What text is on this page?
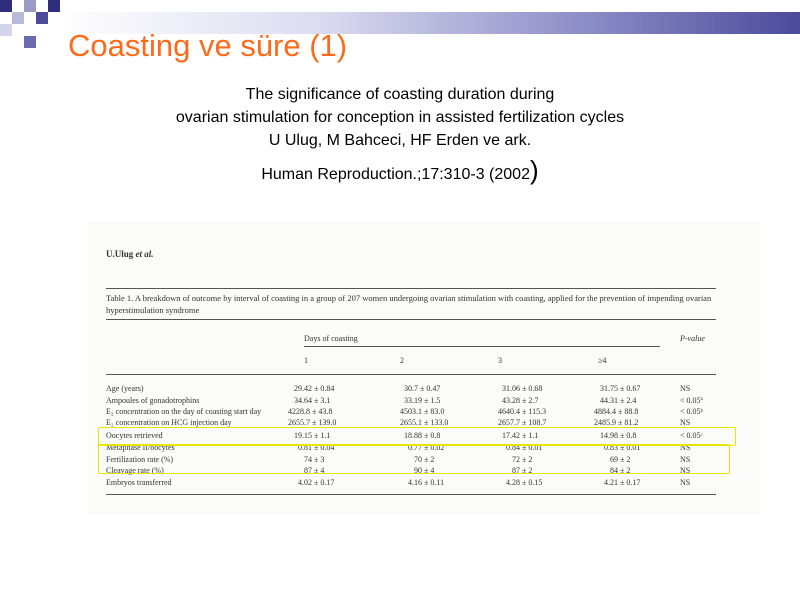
Coasting ve süre (1)
The significance of coasting duration during
ovarian stimulation for conception in assisted fertilization cycles
U Ulug, M Bahceci, HF Erden ve ark.
Human Reproduction.;17:310-3 (2002)
U.Ulug et al.
Table 1. A breakdown of outcome by interval of coasting in a group of 207 women undergoing ovarian stimulation with coasting, applied for the prevention of impending ovarian hyperstimulation syndrome
Days of coasting	P-value
1	2	3	≥4
Age (years)	29.42 ± 0.84	30.7 ± 0.47	31.06 ± 0.68	31.75 ± 0.67	NS
Ampoules of gonadotrophins	34.64 ± 3.1	33.19 ± 1.5	43.28 ± 2.7	44.31 ± 2.4	< 0.05ª
E₂ concentration on the day of coasting start day	4228.8 ± 43.8	4503.1 ± 83.0	4640.4 ± 115.3	4884.4 ± 88.8	< 0.05ᵇ
E₂ concentration on HCG injection day	2655.7 ± 139.0	2655.1 ± 133.0	2657.7 ± 108.7	2485.9 ± 81.2	NS
Oocytes retrieved	19.15 ± 1.1	18.88 ± 0.8	17.42 ± 1.1	14.98 ± 0.8	< 0.05ᶜ
Metaphase II/oocytes	0.81 ± 0.04	0.77 ± 0.02	0.84 ± 0.01	0.83 ± 0.01	NS
Fertilization rate (%)	74 ± 3	70 ± 2	72 ± 2	69 ± 2	NS
Cleavage rate (%)	87 ± 4	90 ± 4	87 ± 2	84 ± 2	NS
Embryos transferred	4.02 ± 0.17	4.16 ± 0.11	4.28 ± 0.15	4.21 ± 0.17	NS
